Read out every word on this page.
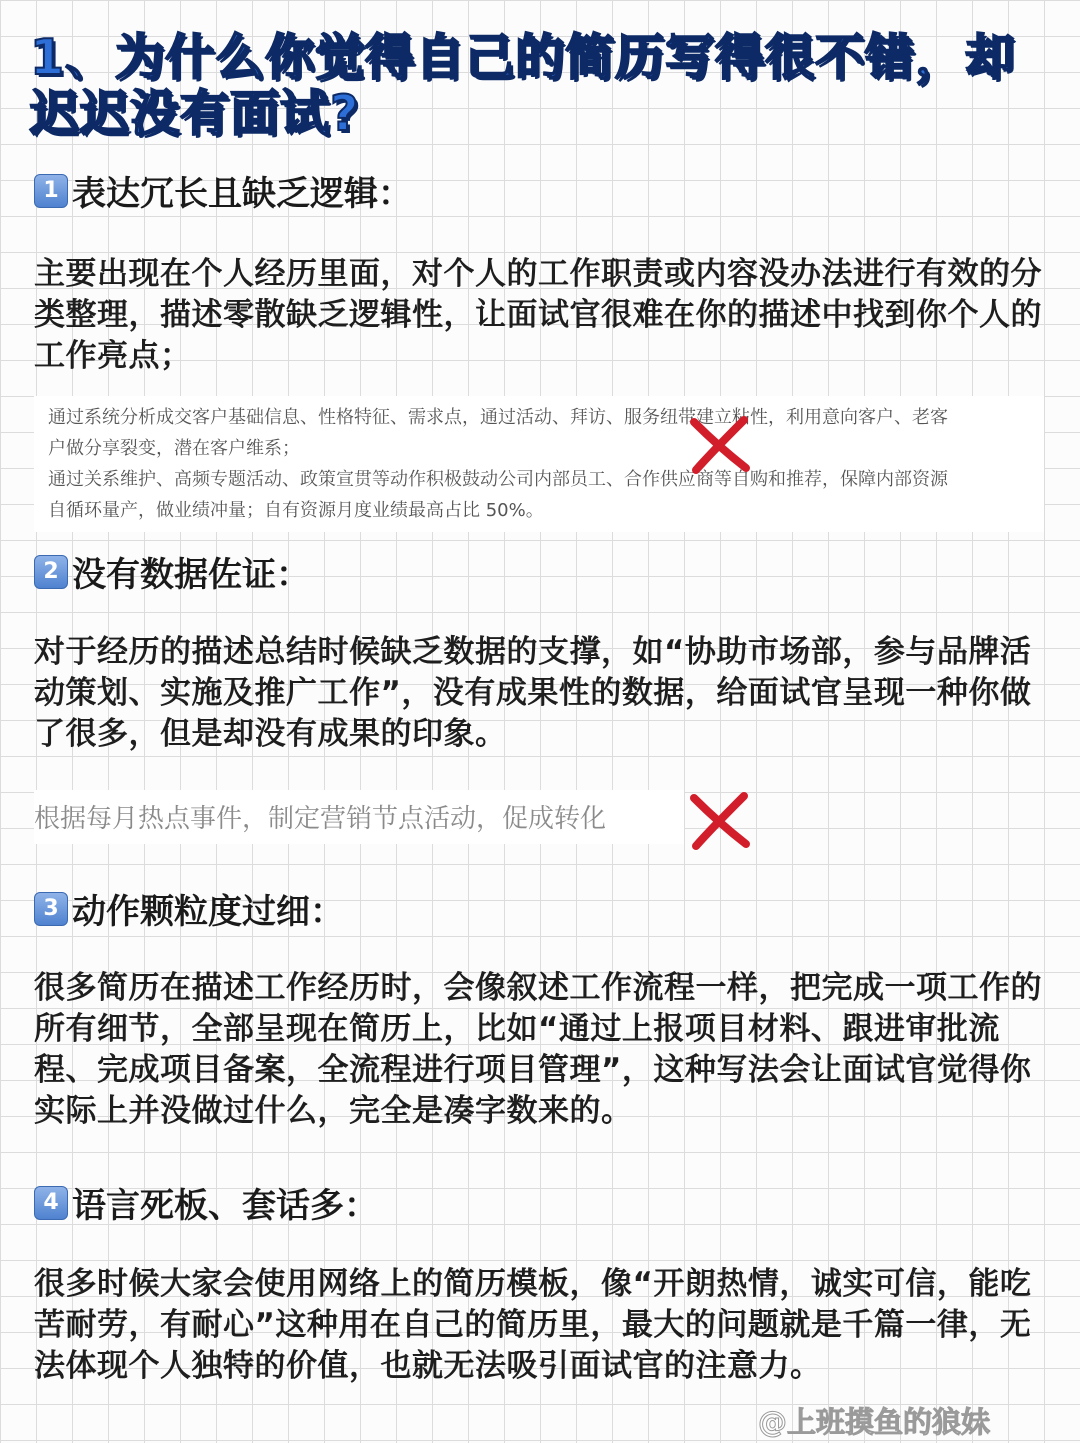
1、为什么你觉得自己的简历写得很不错，却
迟迟没有面试?
1 表达冗长且缺乏逻辑：

主要出现在个人经历里面，对个人的工作职责或内容没办法进行有效的分类整理，描述零散缺乏逻辑性，让面试官很难在你的描述中找到你个人的工作亮点；

通过系统分析成交客户基础信息、性格特征、需求点，通过活动、拜访、服务纽带建立粘性，利用意向客户、老客
户做分享裂变，潜在客户维系；
通过关系维护、高频专题活动、政策宣贯等动作积极鼓动公司内部员工、合作供应商等自购和推荐，保障内部资源
自循环量产，做业绩冲量；自有资源月度业绩最高占比 50%。
2 没有数据佐证：

对于经历的描述总结时候缺乏数据的支撑，如“协助市场部，参与品牌活动策划、实施及推广工作”，没有成果性的数据，给面试官呈现一种你做了很多，但是却没有成果的印象。

根据每月热点事件，制定营销节点活动，促成转化
3 动作颗粒度过细：

很多简历在描述工作经历时，会像叙述工作流程一样，把完成一项工作的所有细节，全部呈现在简历上，比如“通过上报项目材料、跟进审批流程、完成项目备案，全流程进行项目管理”，这种写法会让面试官觉得你实际上并没做过什么，完全是凑字数来的。

4 语言死板、套话多：

很多时候大家会使用网络上的简历模板，像“开朗热情，诚实可信，能吃苦耐劳，有耐心”这种用在自己的简历里，最大的问题就是千篇一律，无法体现个人独特的价值，也就无法吸引面试官的注意力。

@上班摸鱼的狼妹
